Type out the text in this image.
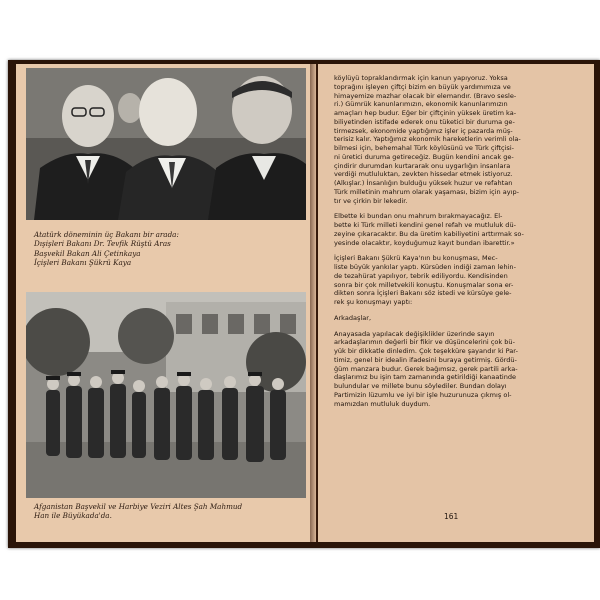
Atatürk döneminin üç Bakanı bir arada:
Dışişleri Bakanı Dr. Tevfik Rüştü Aras
Başvekil Bakan Ali Çetinkaya
İçişleri Bakanı Şükrü Kaya
Afganistan Başvekil ve Harbiye Veziri Altes Şah Mahmud
Han ile Büyükada'da.
köylüyü topraklandırmak için kanun yapıyoruz. Yoksa
toprağını işleyen çiftçi bizim en büyük yardımımıza ve
himayemize mazhar olacak bir elemandır. (Bravo sesle-
ri.) Gümrük kanunlarımızın, ekonomik kanunlarımızın
amaçları hep budur. Eğer bir çiftçinin yüksek üretim ka-
biliyetinden istifade ederek onu tüketici bir duruma ge-
tirmezsek, ekonomide yaptığımız işler iç pazarda müş-
terisiz kalır. Yaptığımız ekonomik hareketlerin verimli ola-
bilmesi için, behemahal Türk köylüsünü ve Türk çiftçisi-
ni üretici duruma getireceğiz. Bugün kendini ancak ge-
çindirir durumdan kurtararak onu uygarlığın insanlara
verdiği mutluluktan, zevkten hissedar etmek istiyoruz.
(Alkışlar.) İnsanlığın bulduğu yüksek huzur ve refahtan
Türk milletinin mahrum olarak yaşaması, bizim için ayıp-
tır ve çirkin bir lekedir.
Elbette ki bundan onu mahrum bırakmayacağız. El-
bette ki Türk milleti kendini genel refah ve mutluluk dü-
zeyine çıkaracaktır. Bu da üretim kabiliyetini arttırmak so-
yesinde olacaktır, koyduğumuz kayıt bundan ibarettir.»
İçişleri Bakanı Şükrü Kaya'nın bu konuşması, Mec-
liste büyük yankılar yaptı. Kürsüden indiği zaman lehin-
de tezahürat yapılıyor, tebrik ediliyordu. Kendisinden
sonra bir çok milletvekili konuştu. Konuşmalar sona er-
dikten sonra İçişleri Bakanı söz istedi ve kürsüye gele-
rek şu konuşmayı yaptı:
Arkadaşlar,
Anayasada yapılacak değişiklikler üzerinde sayın
arkadaşlarımın değerli bir fikir ve düşüncelerini çok bü-
yük bir dikkatle dinledim. Çok teşekküre şayandır ki Par-
timiz, genel bir idealin ifadesini buraya getirmiş. Gördü-
ğüm manzara budur. Gerek bağımsız, gerek partili arka-
daşlarımız bu işin tam zamanında getirildiği kanaatinde
bulundular ve millete bunu söylediler. Bundan dolayı
Partimizin lüzumlu ve iyi bir işle huzurunuza çıkmış ol-
mamızdan mutluluk duydum.
161
